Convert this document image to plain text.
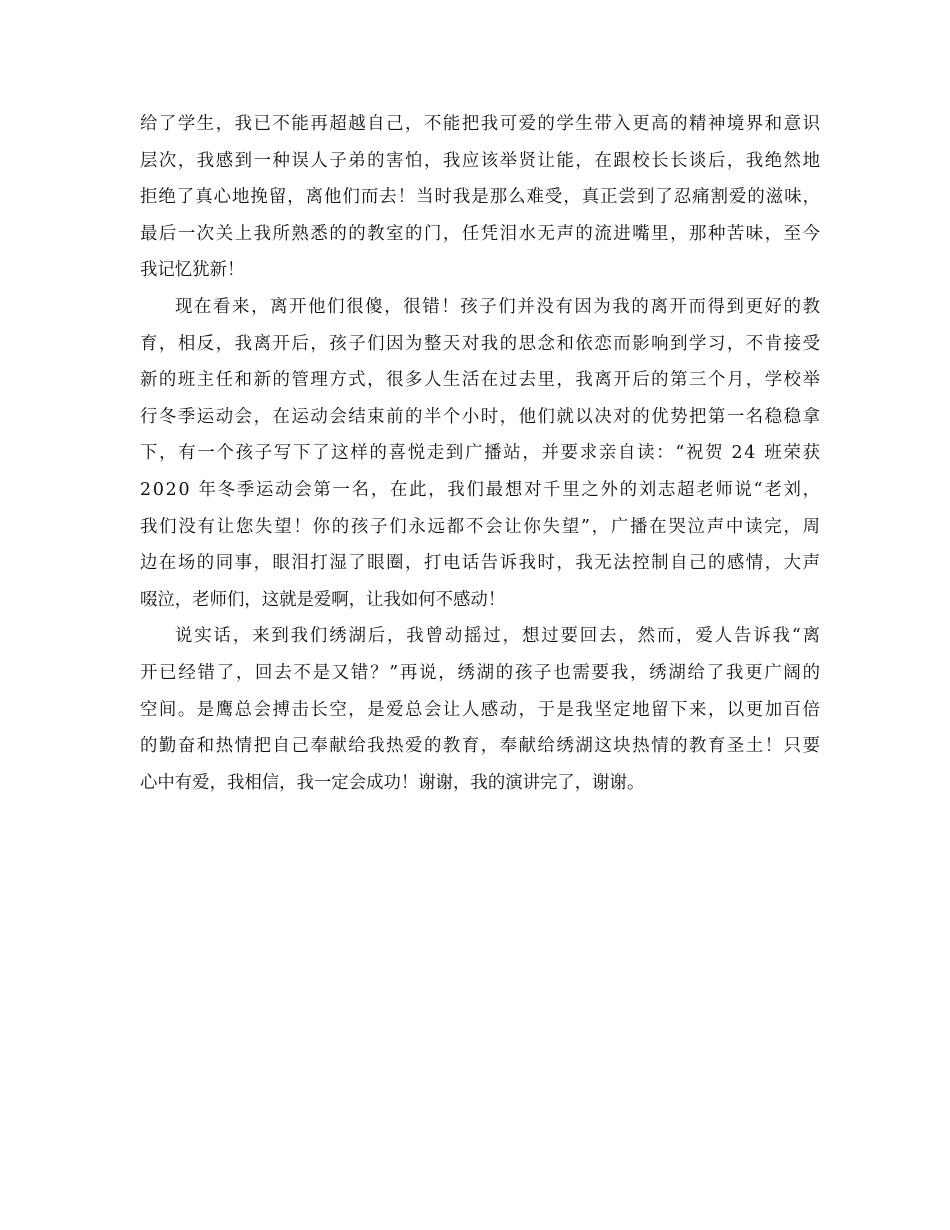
给了学生，我已不能再超越自己，不能把我可爱的学生带入更高的精神境界和意识
层次，我感到一种误人子弟的害怕，我应该举贤让能，在跟校长长谈后，我绝然地
拒绝了真心地挽留，离他们而去！当时我是那么难受，真正尝到了忍痛割爱的滋味，
最后一次关上我所熟悉的的教室的门，任凭泪水无声的流进嘴里，那种苦味，至今
我记忆犹新！
现在看来，离开他们很傻，很错！孩子们并没有因为我的离开而得到更好的教
育，相反，我离开后，孩子们因为整天对我的思念和依恋而影响到学习，不肯接受
新的班主任和新的管理方式，很多人生活在过去里，我离开后的第三个月，学校举
行冬季运动会，在运动会结束前的半个小时，他们就以决对的优势把第一名稳稳拿
下，有一个孩子写下了这样的喜悦走到广播站，并要求亲自读：“祝贺 24 班荣获
2020 年冬季运动会第一名，在此，我们最想对千里之外的刘志超老师说“老刘，
我们没有让您失望！你的孩子们永远都不会让你失望”，广播在哭泣声中读完，周
边在场的同事，眼泪打湿了眼圈，打电话告诉我时，我无法控制自己的感情，大声
啜泣，老师们，这就是爱啊，让我如何不感动！
说实话，来到我们绣湖后，我曾动摇过，想过要回去，然而，爱人告诉我“离
开已经错了，回去不是又错？”再说，绣湖的孩子也需要我，绣湖给了我更广阔的
空间。是鹰总会搏击长空，是爱总会让人感动，于是我坚定地留下来，以更加百倍
的勤奋和热情把自己奉献给我热爱的教育，奉献给绣湖这块热情的教育圣土！只要
心中有爱，我相信，我一定会成功！谢谢，我的演讲完了，谢谢。
